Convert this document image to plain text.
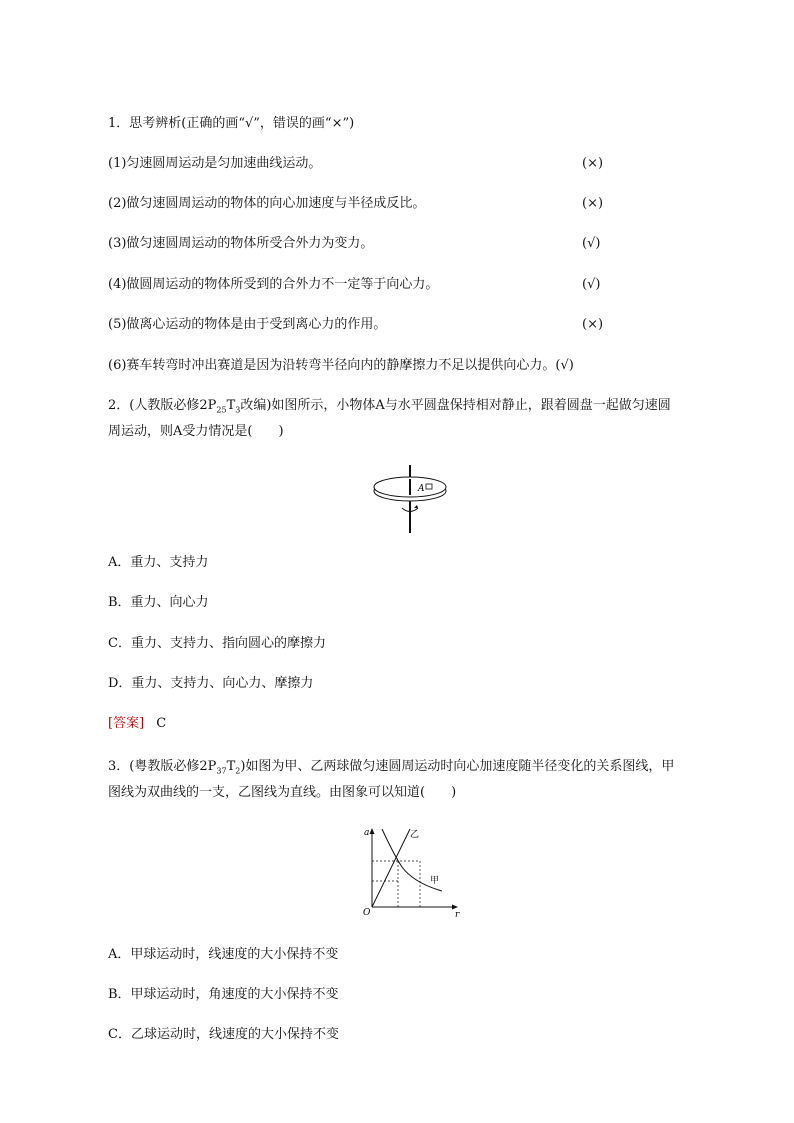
1．思考辨析(正确的画“√”，错误的画“×”)
(1)匀速圆周运动是匀加速曲线运动。	(×)
(2)做匀速圆周运动的物体的向心加速度与半径成反比。	(×)
(3)做匀速圆周运动的物体所受合外力为变力。	(√)
(4)做圆周运动的物体所受到的合外力不一定等于向心力。	(√)
(5)做离心运动的物体是由于受到离心力的作用。	(×)
(6)赛车转弯时冲出赛道是因为沿转弯半径向内的静摩擦力不足以提供向心力。(√)
2．(人教版必修$2P_{25}T_3$改编)如图所示，小物体A与水平圆盘保持相对静止，跟着圆盘一起做匀速圆
周运动，则A受力情况是(　　)
A
A．重力、支持力
B．重力、向心力
C．重力、支持力、指向圆心的摩擦力
D．重力、支持力、向心力、摩擦力
[答案] C
3．(粤教版必修$2P_{37}T_2$)如图为甲、乙两球做匀速圆周运动时向心加速度随半径变化的关系图线，甲
图线为双曲线的一支，乙图线为直线。由图象可以知道(　　)
a
r
O
乙
甲
A．甲球运动时，线速度的大小保持不变
B．甲球运动时，角速度的大小保持不变
C．乙球运动时，线速度的大小保持不变
